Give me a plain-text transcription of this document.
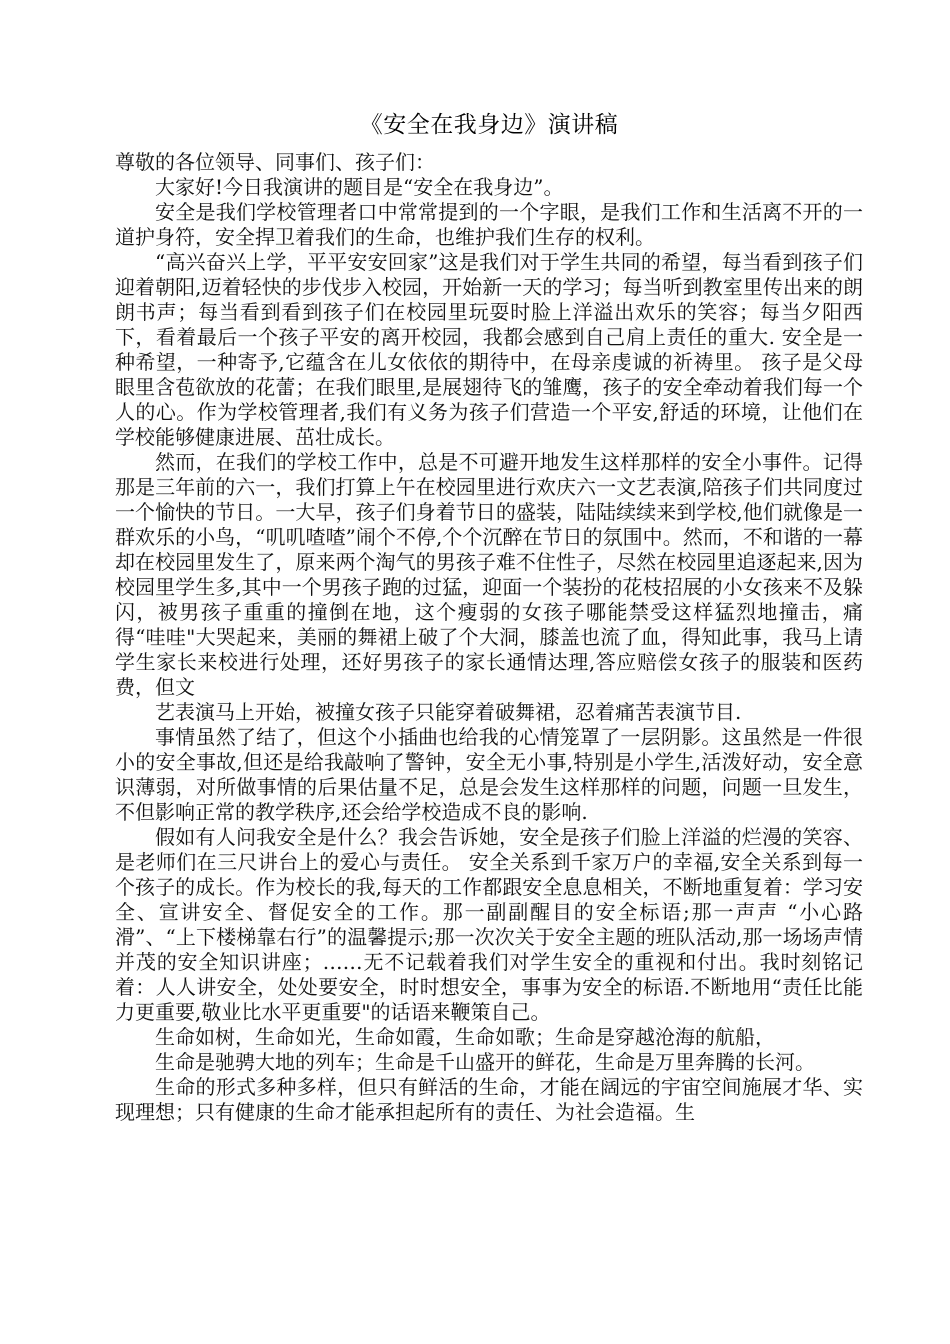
《安全在我身边》演讲稿

尊敬的各位领导、同事们、孩子们：

大家好!今日我演讲的题目是“安全在我身边”。

安全是我们学校管理者口中常常提到的一个字眼，是我们工作和生活离不开的一道护身符，安全捍卫着我们的生命，也维护我们生存的权利。

“高兴奋兴上学，平平安安回家”这是我们对于学生共同的希望，每当看到孩子们迎着朝阳,迈着轻快的步伐步入校园，开始新一天的学习；每当听到教室里传出来的朗朗书声；每当看到看到孩子们在校园里玩耍时脸上洋溢出欢乐的笑容；每当夕阳西下，看着最后一个孩子平安的离开校园，我都会感到自己肩上责任的重大. 安全是一种希望，一种寄予,它蕴含在儿女依依的期待中，在母亲虔诚的祈祷里。 孩子是父母眼里含苞欲放的花蕾；在我们眼里,是展翅待飞的雏鹰，孩子的安全牵动着我们每一个人的心。作为学校管理者,我们有义务为孩子们营造一个平安,舒适的环境，让他们在学校能够健康进展、茁壮成长。

然而，在我们的学校工作中，总是不可避开地发生这样那样的安全小事件。记得那是三年前的六一，我们打算上午在校园里进行欢庆六一文艺表演,陪孩子们共同度过一个愉快的节日。一大早，孩子们身着节日的盛装，陆陆续续来到学校,他们就像是一群欢乐的小鸟，“叽叽喳喳”闹个不停,个个沉醉在节日的氛围中。然而，不和谐的一幕却在校园里发生了，原来两个淘气的男孩子难不住性子，尽然在校园里追逐起来,因为校园里学生多,其中一个男孩子跑的过猛，迎面一个装扮的花枝招展的小女孩来不及躲闪，被男孩子重重的撞倒在地，这个瘦弱的女孩子哪能禁受这样猛烈地撞击，痛得“哇哇"大哭起来，美丽的舞裙上破了个大洞，膝盖也流了血，得知此事，我马上请学生家长来校进行处理，还好男孩子的家长通情达理,答应赔偿女孩子的服装和医药费，但文

艺表演马上开始，被撞女孩子只能穿着破舞裙，忍着痛苦表演节目.

事情虽然了结了，但这个小插曲也给我的心情笼罩了一层阴影。这虽然是一件很小的安全事故,但还是给我敲响了警钟，安全无小事,特别是小学生,活泼好动，安全意识薄弱，对所做事情的后果估量不足，总是会发生这样那样的问题，问题一旦发生，不但影响正常的教学秩序,还会给学校造成不良的影响.

假如有人问我安全是什么？我会告诉她，安全是孩子们脸上洋溢的烂漫的笑容、是老师们在三尺讲台上的爱心与责任。 安全关系到千家万户的幸福,安全关系到每一个孩子的成长。作为校长的我,每天的工作都跟安全息息相关，不断地重复着：学习安全、宣讲安全、督促安全的工作。那一副副醒目的安全标语;那一声声 “小心路滑”、“上下楼梯靠右行”的温馨提示;那一次次关于安全主题的班队活动,那一场场声情并茂的安全知识讲座；……无不记载着我们对学生安全的重视和付出。我时刻铭记着：人人讲安全，处处要安全，时时想安全，事事为安全的标语.不断地用“责任比能力更重要,敬业比水平更重要"的话语来鞭策自己。

生命如树，生命如光，生命如霞，生命如歌；生命是穿越沧海的航船，

生命是驰骋大地的列车；生命是千山盛开的鲜花，生命是万里奔腾的长河。

生命的形式多种多样，但只有鲜活的生命，才能在阔远的宇宙空间施展才华、实现理想；只有健康的生命才能承担起所有的责任、为社会造福。生
